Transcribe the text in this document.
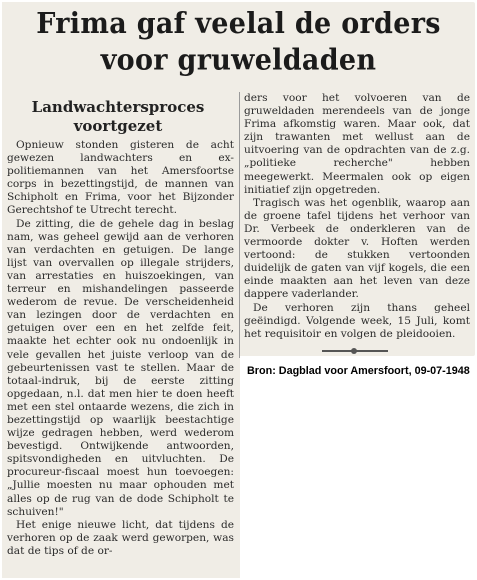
Frima gaf veelal de orders
voor gruweldaden
Landwachtersproces
voortgezet

Opnieuw stonden gisteren de acht gewezen landwachters en ex-politiemannen van het Amersfoortse corps in bezettingstijd, de mannen van Schipholt en Frima, voor het Bijzonder Gerechtshof te Utrecht terecht.

De zitting, die de gehele dag in beslag nam, was geheel gewijd aan de verhoren van verdachten en getuigen. De lange lijst van overvallen op illegale strijders, van arrestaties en huiszoekingen, van terreur en mishandelingen passeerde wederom de revue. De verscheidenheid van lezingen door de verdachten en getuigen over een en het zelfde feit, maakte het echter ook nu ondoenlijk in vele gevallen het juiste verloop van de gebeurtenissen vast te stellen. Maar de totaal-indruk, bij de eerste zitting opgedaan, n.l. dat men hier te doen heeft met een stel ontaarde wezens, die zich in bezettingstijd op waarlijk beestachtige wijze gedragen hebben, werd wederom bevestigd. Ontwijkende antwoorden, spitsvondigheden en uitvluchten. De procureur-fiscaal moest hun toevoegen: „Jullie moesten nu maar ophouden met alles op de rug van de dode Schipholt te schuiven!"

Het enige nieuwe licht, dat tijdens de verhoren op de zaak werd geworpen, was dat de tips of de or-

ders voor het volvoeren van de gruweldaden merendeels van de jonge Frima afkomstig waren. Maar ook, dat zijn trawanten met wellust aan de uitvoering van de opdrachten van de z.g. „politieke recherche" hebben meegewerkt. Meermalen ook op eigen initiatief zijn opgetreden.

Tragisch was het ogenblik, waarop aan de groene tafel tijdens het verhoor van Dr. Verbeek de onderkleren van de vermoorde dokter v. Hoften werden vertoond: de stukken vertoonden duidelijk de gaten van vijf kogels, die een einde maakten aan het leven van deze dappere vaderlander.

De verhoren zijn thans geheel geëindigd. Volgende week, 15 Juli, komt het requisitoir en volgen de pleidooien.

Bron: Dagblad voor Amersfoort, 09-07-1948
